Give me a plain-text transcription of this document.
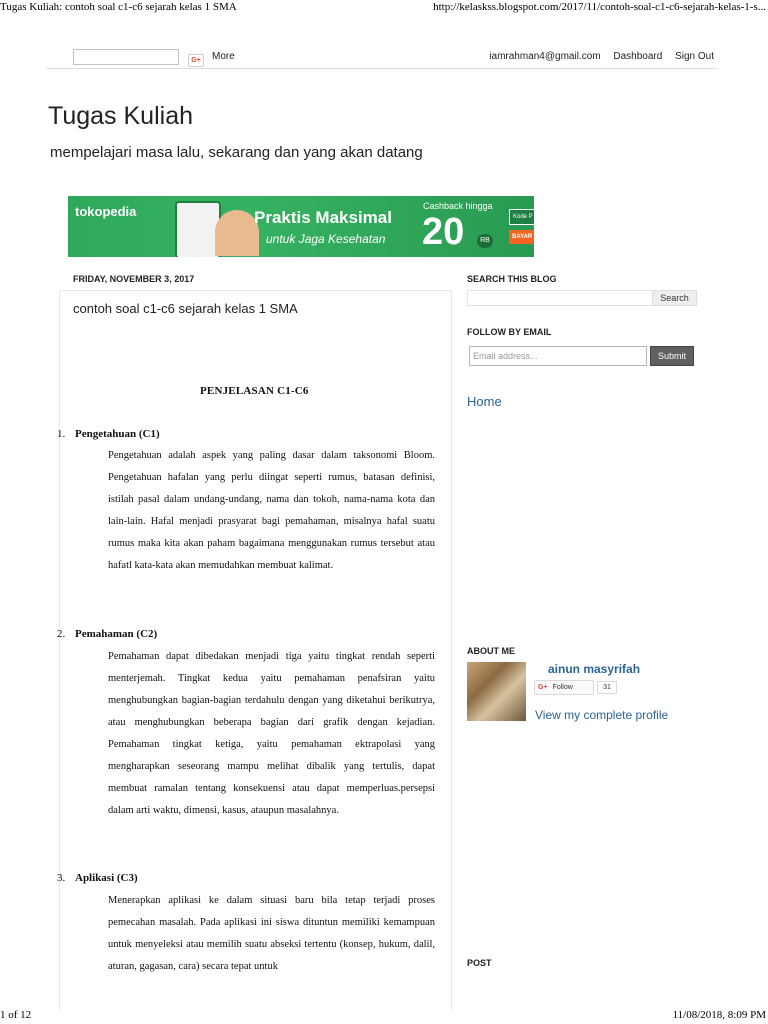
Tugas Kuliah: contoh soal c1-c6 sejarah kelas 1 SMA	http://kelaskss.blogspot.com/2017/11/contoh-soal-c1-c6-sejarah-kelas-1-s...
G+	More	iamrahman4@gmail.com Dashboard Sign Out
Tugas Kuliah
mempelajari masa lalu, sekarang dan yang akan datang
tokopedia	Praktis Maksimal
untuk Jaga Kesehatan
Cashback hingga
20	RB
Kode P
BAYAR
FRIDAY, NOVEMBER 3, 2017
contoh soal c1-c6 sejarah kelas 1 SMA
PENJELASAN C1-C6
1. Pengetahuan (C1)

Pengetahuan adalah aspek yang paling dasar dalam taksonomi Bloom. Pengetahuan hafalan yang perlu diingat seperti rumus, batasan definisi, istilah pasal dalam undang-undang, nama dan tokoh, nama-nama kota dan lain-lain. Hafal menjadi prasyarat bagi pemahaman, misalnya hafal suatu rumus maka kita akan paham bagaimana menggunakan rumus tersebut atau hafatl kata-kata akan memudahkan membuat kalimat.

2. Pemahaman (C2)

Pemahaman dapat dibedakan menjadi tiga yaitu tingkat rendah seperti menterjemah. Tingkat kedua yaitu pemahaman penafsiran yaitu menghubungkan bagian-bagian terdahulu dengan yang diketahui berikutrya, atau menghubungkan beberapa bagian dari grafik dengan kejadian. Pemahaman tingkat ketiga, yaitu pemahaman ektrapolasi yang mengharapkan seseorang mampu melihat dibalik yang tertulis, dapat membuat ramalan tentang konsekuensi atau dapat memperluas.persepsi dalam arti waktu, dimensi, kasus, ataupun masalahnya.

3. Aplikasi (C3)

Menerapkan aplikasi ke dalam situasi baru bila tetap terjadi proses pemecahan masalah. Pada aplikasi ini siswa dituntun memiliki kemampuan untuk menyeleksi atau memilih suatu abseksi tertentu (konsep, hukum, dalil, aturan, gagasan, cara) secara tepat untuk

SEARCH THIS BLOG
Search
FOLLOW BY EMAIL
Email address...	Submit
Home
ABOUT ME
ainun masyrifah
G+ Follow	31
View my complete profile
POST
1 of 12	11/08/2018, 8:09 PM
